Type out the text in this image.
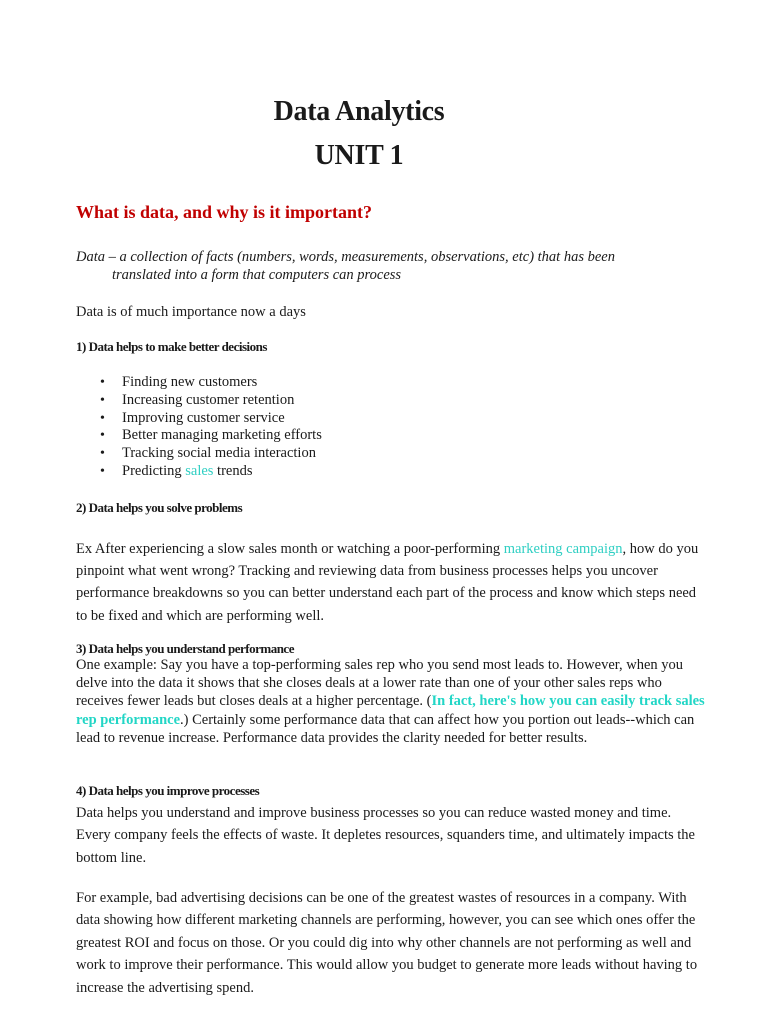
Data Analytics
UNIT 1
What is data, and why is it important?
Data – a collection of facts (numbers, words, measurements, observations, etc) that has been
translated into a form that computers can process
Data is of much importance now a days
1) Data helps to make better decisions
• Finding new customers
• Increasing customer retention
• Improving customer service
• Better managing marketing efforts
• Tracking social media interaction
• Predicting sales trends
2) Data helps you solve problems
Ex After experiencing a slow sales month or watching a poor-performing marketing campaign, how do you pinpoint what went wrong? Tracking and reviewing data from business processes helps you uncover performance breakdowns so you can better understand each part of the process and know which steps need to be fixed and which are performing well.
3) Data helps you understand performance
One example: Say you have a top-performing sales rep who you send most leads to. However, when you delve into the data it shows that she closes deals at a lower rate than one of your other sales reps who receives fewer leads but closes deals at a higher percentage. (In fact, here's how you can easily track sales rep performance.) Certainly some performance data that can affect how you portion out leads--which can lead to revenue increase. Performance data provides the clarity needed for better results.
4) Data helps you improve processes
Data helps you understand and improve business processes so you can reduce wasted money and time. Every company feels the effects of waste. It depletes resources, squanders time, and ultimately impacts the bottom line.
For example, bad advertising decisions can be one of the greatest wastes of resources in a company. With data showing how different marketing channels are performing, however, you can see which ones offer the greatest ROI and focus on those. Or you could dig into why other channels are not performing as well and work to improve their performance. This would allow you budget to generate more leads without having to increase the advertising spend.
